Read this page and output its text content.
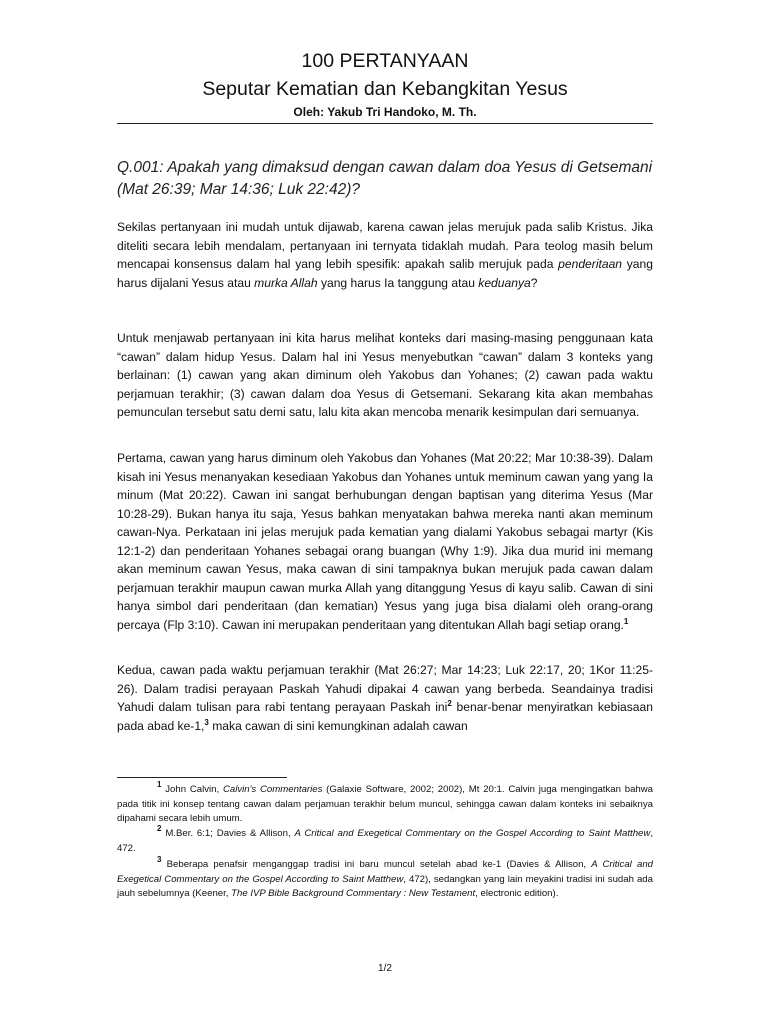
100 PERTANYAAN
Seputar Kematian dan Kebangkitan Yesus
Oleh: Yakub Tri Handoko, M. Th.
Q.001: Apakah yang dimaksud dengan cawan dalam doa Yesus di Getsemani (Mat 26:39; Mar 14:36; Luk 22:42)?

Sekilas pertanyaan ini mudah untuk dijawab, karena cawan jelas merujuk pada salib Kristus. Jika diteliti secara lebih mendalam, pertanyaan ini ternyata tidaklah mudah. Para teolog masih belum mencapai konsensus dalam hal yang lebih spesifik: apakah salib merujuk pada penderitaan yang harus dijalani Yesus atau murka Allah yang harus Ia tanggung atau keduanya?

Untuk menjawab pertanyaan ini kita harus melihat konteks dari masing-masing penggunaan kata “cawan” dalam hidup Yesus. Dalam hal ini Yesus menyebutkan “cawan” dalam 3 konteks yang berlainan: (1) cawan yang akan diminum oleh Yakobus dan Yohanes; (2) cawan pada waktu perjamuan terakhir; (3) cawan dalam doa Yesus di Getsemani. Sekarang kita akan membahas pemunculan tersebut satu demi satu, lalu kita akan mencoba menarik kesimpulan dari semuanya.

Pertama, cawan yang harus diminum oleh Yakobus dan Yohanes (Mat 20:22; Mar 10:38-39). Dalam kisah ini Yesus menanyakan kesediaan Yakobus dan Yohanes untuk meminum cawan yang yang Ia minum (Mat 20:22). Cawan ini sangat berhubungan dengan baptisan yang diterima Yesus (Mar 10:28-29). Bukan hanya itu saja, Yesus bahkan menyatakan bahwa mereka nanti akan meminum cawan-Nya. Perkataan ini jelas merujuk pada kematian yang dialami Yakobus sebagai martyr (Kis 12:1-2) dan penderitaan Yohanes sebagai orang buangan (Why 1:9). Jika dua murid ini memang akan meminum cawan Yesus, maka cawan di sini tampaknya bukan merujuk pada cawan dalam perjamuan terakhir maupun cawan murka Allah yang ditanggung Yesus di kayu salib. Cawan di sini hanya simbol dari penderitaan (dan kematian) Yesus yang juga bisa dialami oleh orang-orang percaya (Flp 3:10). Cawan ini merupakan penderitaan yang ditentukan Allah bagi setiap orang.$^1$

Kedua, cawan pada waktu perjamuan terakhir (Mat 26:27; Mar 14:23; Luk 22:17, 20; 1Kor 11:25-26). Dalam tradisi perayaan Paskah Yahudi dipakai 4 cawan yang berbeda. Seandainya tradisi Yahudi dalam tulisan para rabi tentang perayaan Paskah ini$^2$ benar-benar menyiratkan kebiasaan pada abad ke-1,$^3$ maka cawan di sini kemungkinan adalah cawan

$^1$ John Calvin, Calvin's Commentaries (Galaxie Software, 2002; 2002), Mt 20:1. Calvin juga mengingatkan bahwa pada titik ini konsep tentang cawan dalam perjamuan terakhir belum muncul, sehingga cawan dalam konteks ini sebaiknya dipahami secara lebih umum.
$^2$ M.Ber. 6:1; Davies & Allison, A Critical and Exegetical Commentary on the Gospel According to Saint Matthew, 472.
$^3$ Beberapa penafsir menganggap tradisi ini baru muncul setelah abad ke-1 (Davies & Allison, A Critical and Exegetical Commentary on the Gospel According to Saint Matthew, 472), sedangkan yang lain meyakini tradisi ini sudah ada jauh sebelumnya (Keener, The IVP Bible Background Commentary : New Testament, electronic edition).
1/2
